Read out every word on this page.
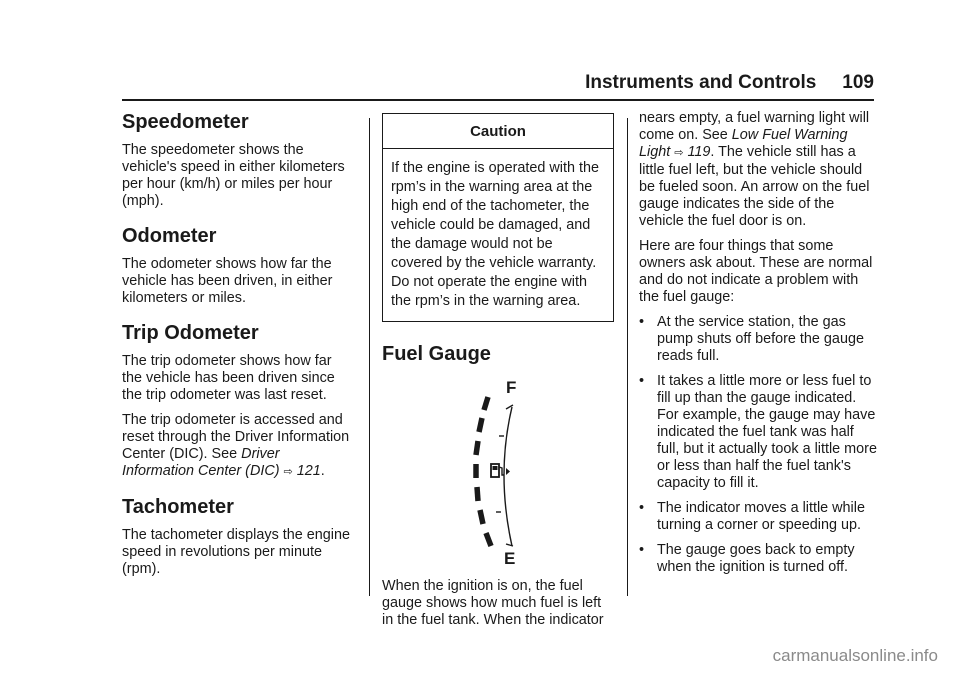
Instruments and Controls 109
Speedometer

The speedometer shows the vehicle's speed in either kilometers per hour (km/h) or miles per hour (mph).

Odometer

The odometer shows how far the vehicle has been driven, in either kilometers or miles.

Trip Odometer

The trip odometer shows how far the vehicle has been driven since the trip odometer was last reset.

The trip odometer is accessed and reset through the Driver Information Center (DIC). See Driver Information Center (DIC) ⇨ 121.

Tachometer

The tachometer displays the engine speed in revolutions per minute (rpm).

Caution
If the engine is operated with the rpm’s in the warning area at the high end of the tachometer, the vehicle could be damaged, and the damage would not be covered by the vehicle warranty. Do not operate the engine with the rpm’s in the warning area.
Fuel Gauge
F
E

When the ignition is on, the fuel gauge shows how much fuel is left in the fuel tank. When the indicator

nears empty, a fuel warning light will come on. See Low Fuel Warning Light ⇨ 119. The vehicle still has a little fuel left, but the vehicle should be fueled soon. An arrow on the fuel gauge indicates the side of the vehicle the fuel door is on.

Here are four things that some owners ask about. These are normal and do not indicate a problem with the fuel gauge:

• At the service station, the gas pump shuts off before the gauge reads full.
• It takes a little more or less fuel to fill up than the gauge indicated. For example, the gauge may have indicated the fuel tank was half full, but it actually took a little more or less than half the fuel tank's capacity to fill it.
• The indicator moves a little while turning a corner or speeding up.
• The gauge goes back to empty when the ignition is turned off.
carmanualsonline.info
